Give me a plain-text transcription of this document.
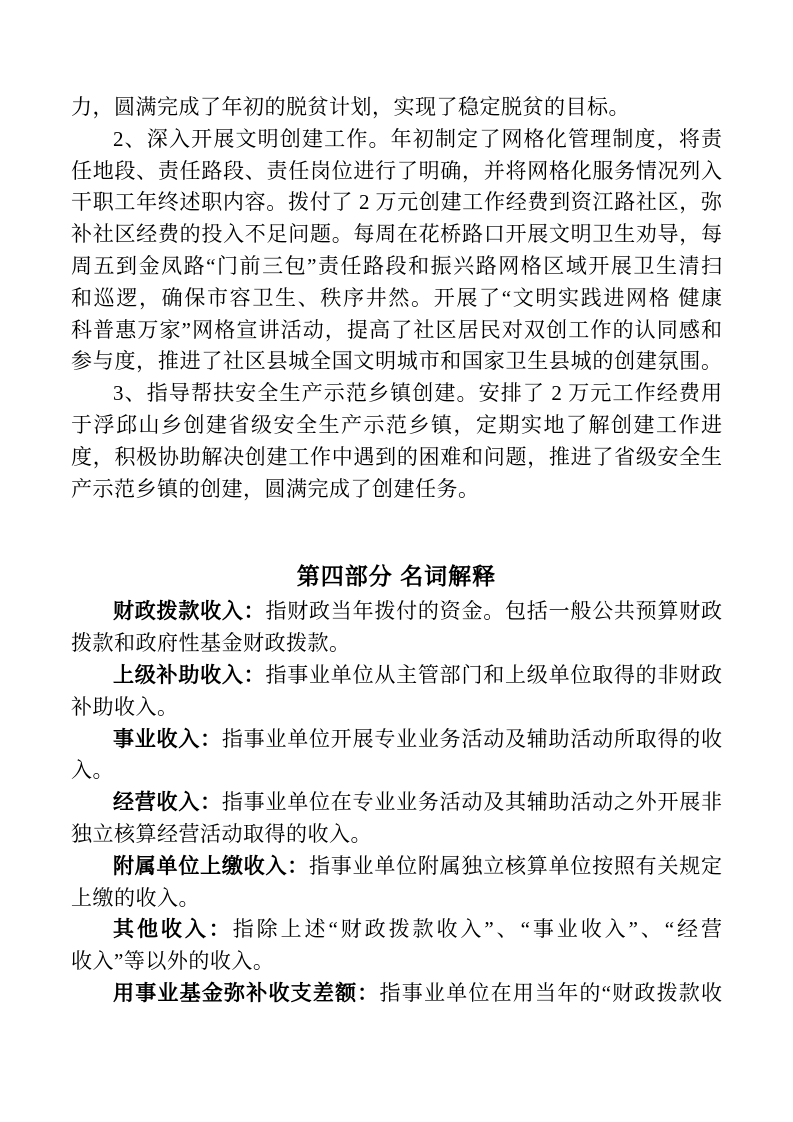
力，圆满完成了年初的脱贫计划，实现了稳定脱贫的目标。
2、深入开展文明创建工作。年初制定了网格化管理制度，将责
任地段、责任路段、责任岗位进行了明确，并将网格化服务情况列入
干职工年终述职内容。拨付了 2 万元创建工作经费到资江路社区，弥
补社区经费的投入不足问题。每周在花桥路口开展文明卫生劝导，每
周五到金凤路“门前三包”责任路段和振兴路网格区域开展卫生清扫
和巡逻，确保市容卫生、秩序井然。开展了“文明实践进网格 健康
科普惠万家”网格宣讲活动，提高了社区居民对双创工作的认同感和
参与度，推进了社区县城全国文明城市和国家卫生县城的创建氛围。
3、指导帮扶安全生产示范乡镇创建。安排了 2 万元工作经费用
于浮邱山乡创建省级安全生产示范乡镇，定期实地了解创建工作进
度，积极协助解决创建工作中遇到的困难和问题，推进了省级安全生
产示范乡镇的创建，圆满完成了创建任务。
第四部分 名词解释
财政拨款收入：指财政当年拨付的资金。包括一般公共预算财政
拨款和政府性基金财政拨款。
上级补助收入：指事业单位从主管部门和上级单位取得的非财政
补助收入。
事业收入：指事业单位开展专业业务活动及辅助活动所取得的收
入。
经营收入：指事业单位在专业业务活动及其辅助活动之外开展非
独立核算经营活动取得的收入。
附属单位上缴收入：指事业单位附属独立核算单位按照有关规定
上缴的收入。
其他收入：指除上述“财政拨款收入”、“事业收入”、“经营
收入”等以外的收入。
用事业基金弥补收支差额：指事业单位在用当年的“财政拨款收
